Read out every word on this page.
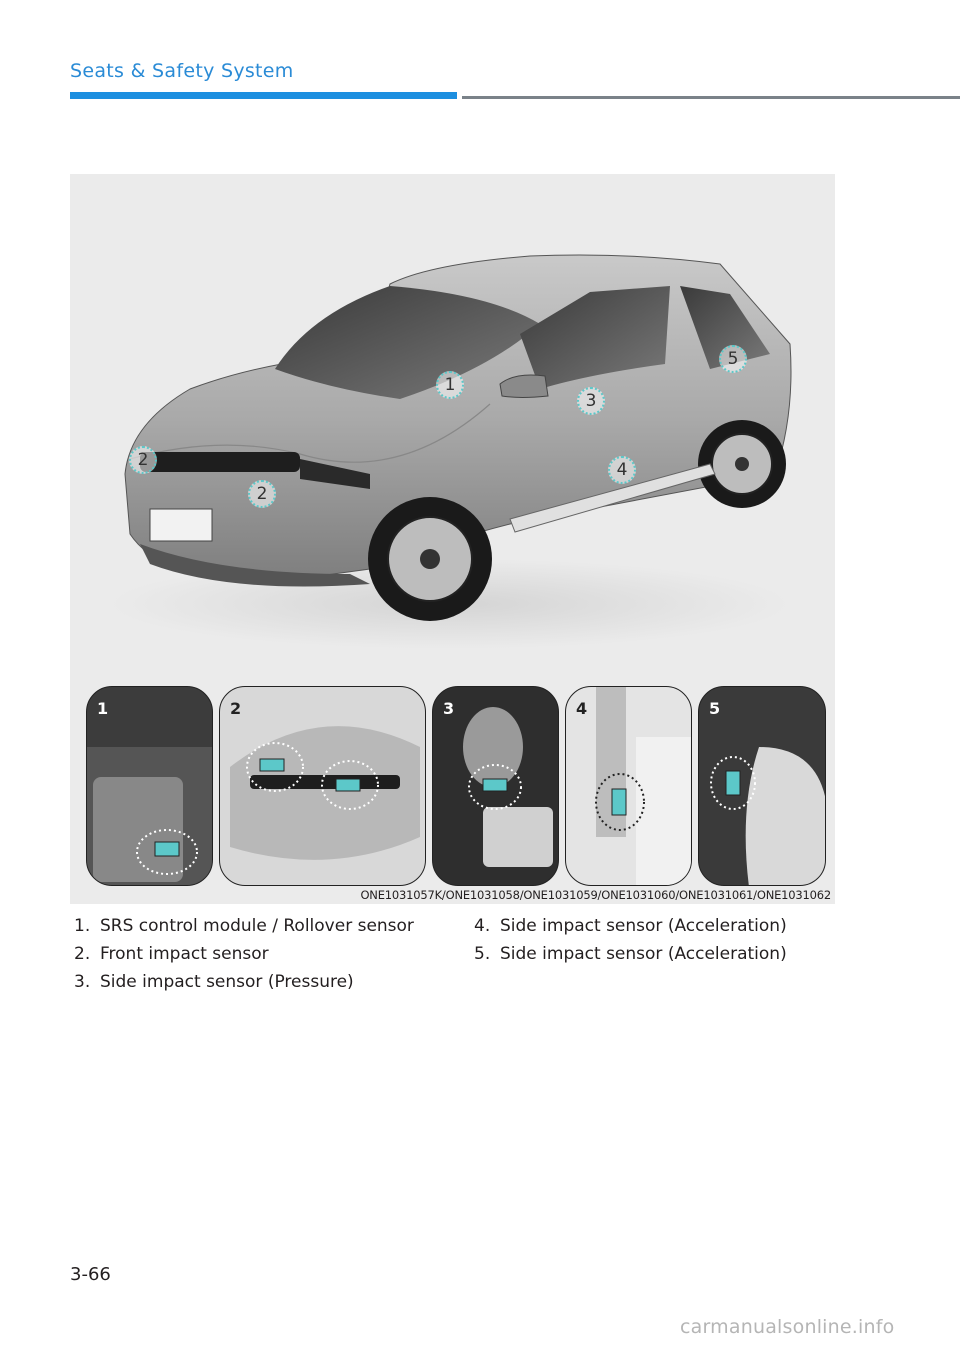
Seats & Safety System
1
2
2
3
4
5
1	2	3	4	5
ONE1031057K/ONE1031058/ONE1031059/ONE1031060/ONE1031061/ONE1031062
1. SRS control module / Rollover sensor
2. Front impact sensor
3. Side impact sensor (Pressure)
4. Side impact sensor (Acceleration)
5. Side impact sensor (Acceleration)
3-66
carmanualsonline.info
